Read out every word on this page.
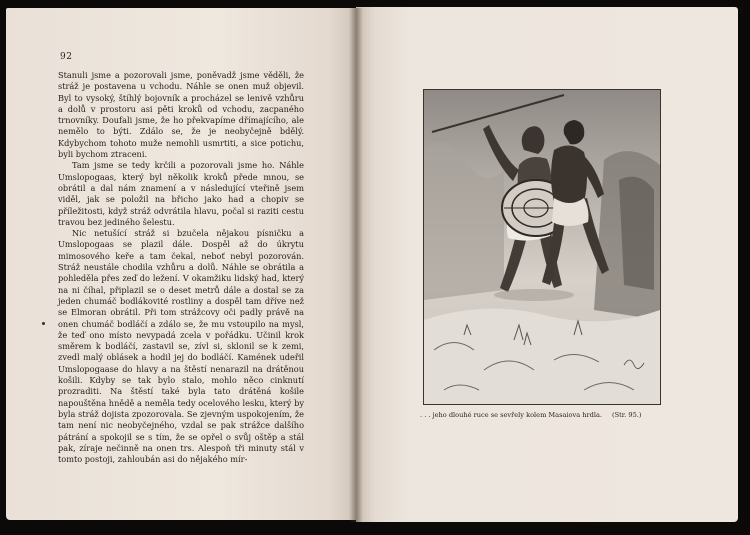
92

Stanuli jsme a pozorovali jsme, poněvadž jsme věděli, že stráž je postavena u vchodu. Náhle se onen muž objevil. Byl to vysoký, štíhlý bojovník a procházel se lenivě vzhůru a dolů v prostoru asi pěti kroků od vchodu, zacpaného trnovníky. Doufali jsme, že ho překvapíme dřímajícího, ale nemělo to býti. Zdálo se, že je neobyčejně bdělý. Kdybychom tohoto muže nemohli usmrtiti, a sice potichu, byli bychom ztraceni.

Tam jsme se tedy krčili a pozorovali jsme ho. Náhle Umslopogaas, který byl několik kroků přede mnou, se obrátil a dal nám znamení a v následující vteřině jsem viděl, jak se položil na břicho jako had a chopiv se příležitosti, když stráž odvrátila hlavu, počal si raziti cestu travou bez jediného šelestu.

Nic netušící stráž si bzučela nějakou písničku a Umslopogaas se plazil dále. Dospěl až do úkrytu mimosového keře a tam čekal, neboť nebyl pozorován. Stráž neustále chodila vzhůru a dolů. Náhle se obrátila a pohleděla přes zeď do ležení. V okamžiku lidský had, který na ni číhal, připlazil se o deset metrů dále a dostal se za jeden chumáč bodlákovité rostliny a dospěl tam dříve než se Elmoran obrátil. Při tom strážcovy oči padly právě na onen chumáč bodláčí a zdálo se, že mu vstoupilo na mysl, že teď ono místo nevypadá zcela v pořádku. Učinil krok směrem k bodláčí, zastavil se, zívl si, sklonil se k zemi, zvedl malý oblásek a hodil jej do bodláčí. Kamének udeřil Umslopogaase do hlavy a na štěstí nenarazil na drátěnou košili. Kdyby se tak bylo stalo, mohlo něco cinknutí prozraditi. Na štěstí také byla tato drátěná košile napouštěna hnědě a neměla tedy ocelového lesku, který by byla stráž dojista zpozorovala. Se zjevným uspokojením, že tam není nic neobyčejného, vzdal se pak strážce dalšího pátrání a spokojil se s tím, že se opřel o svůj oštěp a stál pak, zíraje nečinně na onen trs. Alespoň tři minuty stál v tomto postoji, zahloubán asi do nějakého mír-

. . . jeho dlouhé ruce se sevřely kolem Masaiova hrdla. (Str. 95.)
